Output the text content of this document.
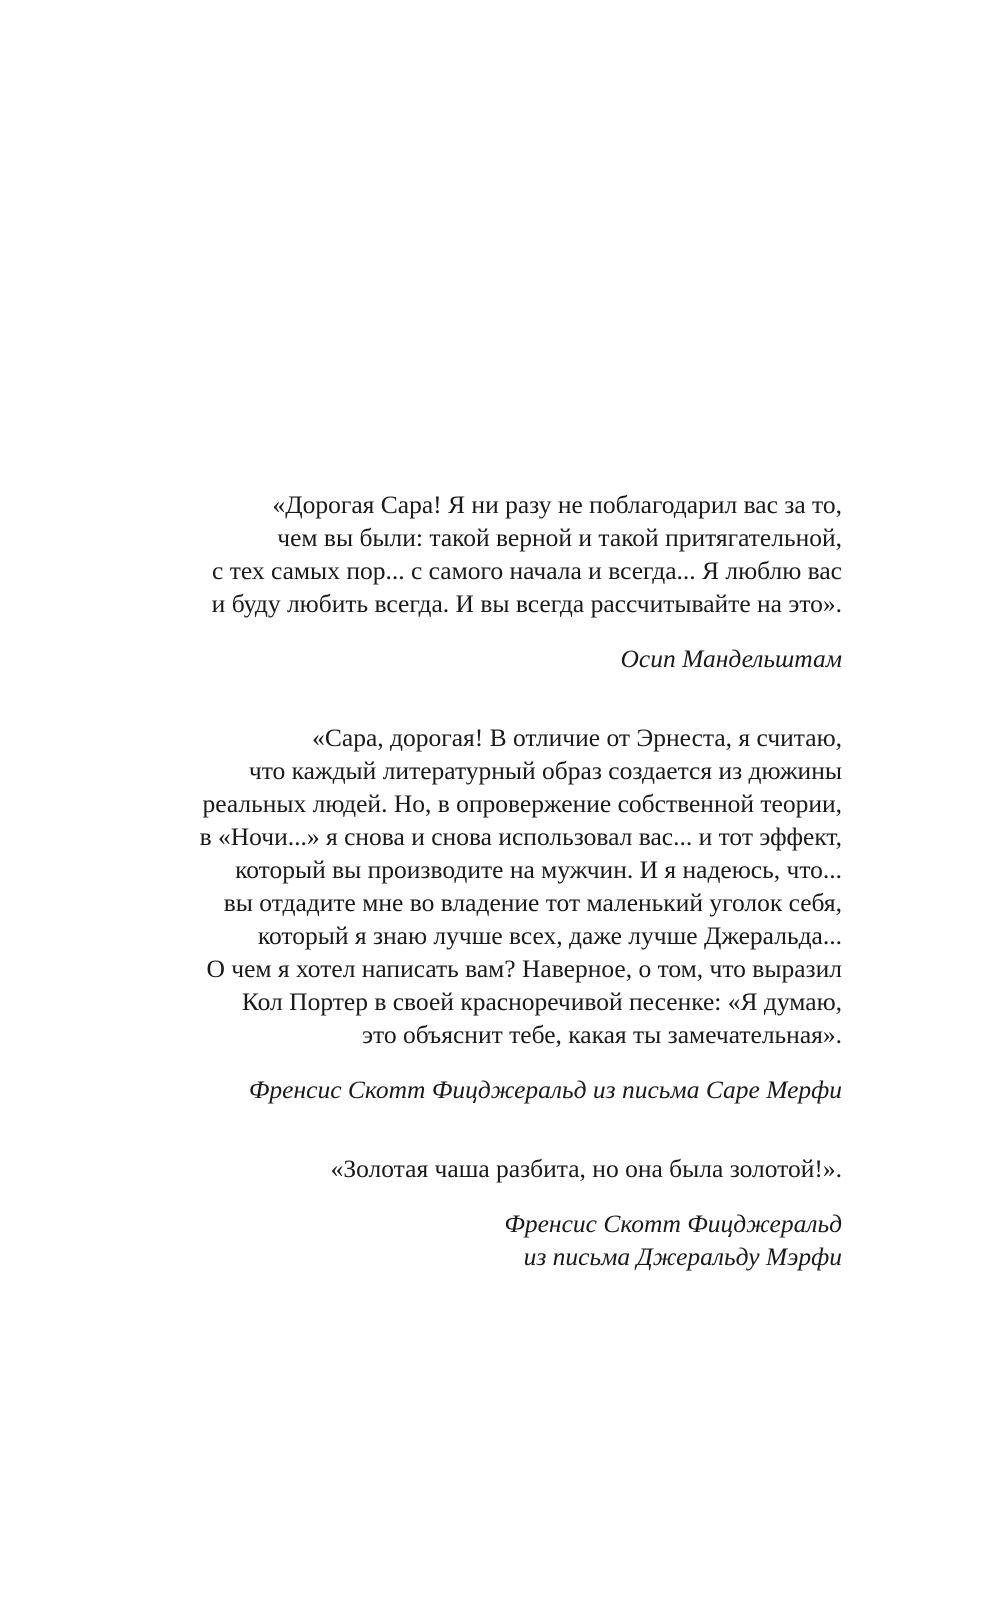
«Дорогая Сара! Я ни разу не поблагодарил вас за то,
чем вы были: такой верной и такой притягательной,
с тех самых пор... с самого начала и всегда... Я люблю вас
и буду любить всегда. И вы всегда рассчитывайте на это».

Осип Мандельштам

«Сара, дорогая! В отличие от Эрнеста, я считаю,
что каждый литературный образ создается из дюжины
реальных людей. Но, в опровержение собственной теории,
в «Ночи...» я снова и снова использовал вас... и тот эффект,
который вы производите на мужчин. И я надеюсь, что...
вы отдадите мне во владение тот маленький уголок себя,
который я знаю лучше всех, даже лучше Джеральда...
О чем я хотел написать вам? Наверное, о том, что выразил
Кол Портер в своей красноречивой песенке: «Я думаю,
это объяснит тебе, какая ты замечательная».

Френсис Скотт Фицджеральд из письма Саре Мерфи

«Золотая чаша разбита, но она была золотой!».

Френсис Скотт Фицджеральд
из письма Джеральду Мэрфи
